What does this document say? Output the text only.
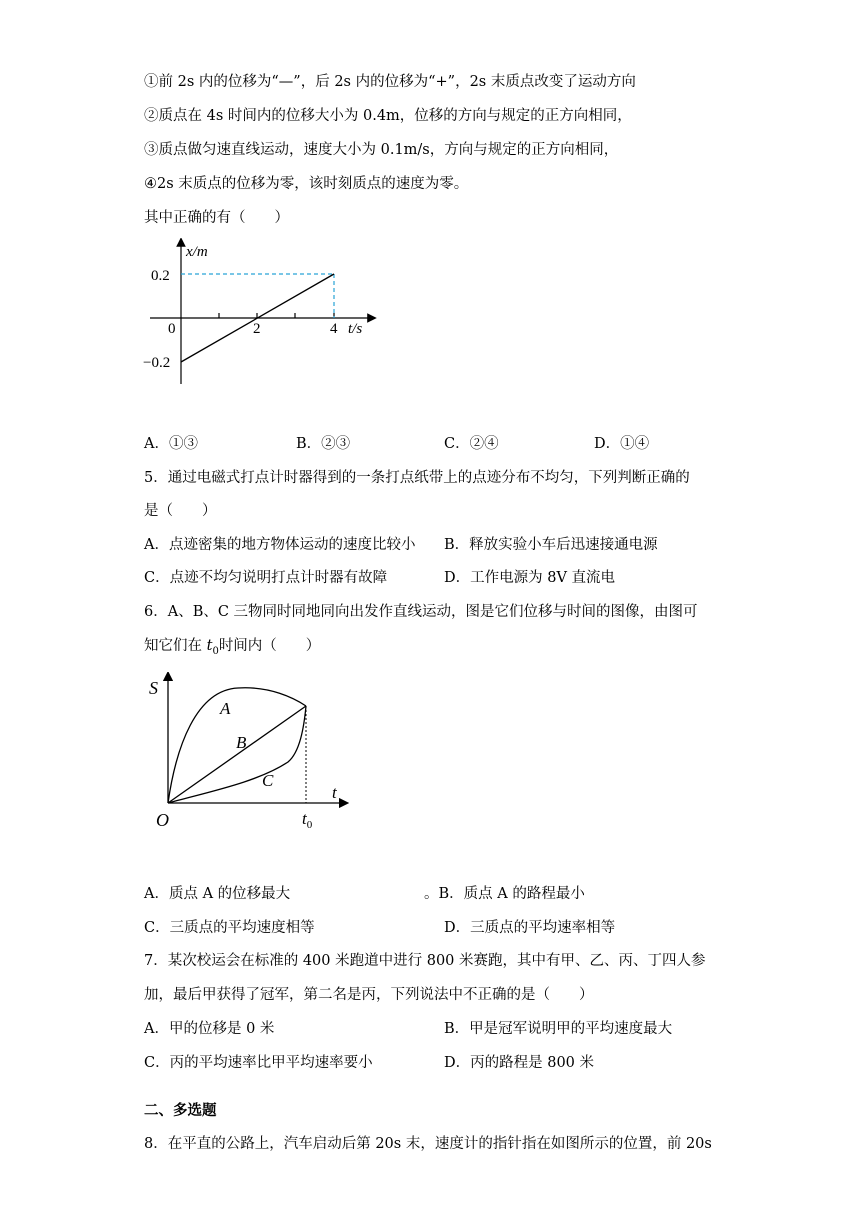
①前 2s 内的位移为“—”，后 2s 内的位移为“+”，2s 末质点改变了运动方向
②质点在 4s 时间内的位移大小为 0.4m，位移的方向与规定的正方向相同，
③质点做匀速直线运动，速度大小为 0.1m/s，方向与规定的正方向相同，
④2s 末质点的位移为零，该时刻质点的速度为零。
其中正确的有（　　）
x/m
0.2
−0.2
0	2	4 t/s
A．①③	B．②③	C．②④	D．①④
5．通过电磁式打点计时器得到的一条打点纸带上的点迹分布不均匀，下列判断正确的
是（　　）
A．点迹密集的地方物体运动的速度比较小 B．释放实验小车后迅速接通电源
C．点迹不均匀说明打点计时器有故障	D．工作电源为 8V 直流电
6．A、B、C 三物同时同地同向出发作直线运动，图是它们位移与时间的图像，由图可
知它们在 $t_0$时间内（　　）
S
O
t
$t_0$
A
B
C
A．质点 A 的位移最大	。B．质点 A 的路程最小
C．三质点的平均速度相等	D．三质点的平均速率相等
7．某次校运会在标准的 400 米跑道中进行 800 米赛跑，其中有甲、乙、丙、丁四人参
加，最后甲获得了冠军，第二名是丙，下列说法中不正确的是（　　）
A．甲的位移是 0 米	B．甲是冠军说明甲的平均速度最大
C．丙的平均速率比甲平均速率要小	D．丙的路程是 800 米
二、多选题
8．在平直的公路上，汽车启动后第 20s 末，速度计的指针指在如图所示的位置，前 20s
